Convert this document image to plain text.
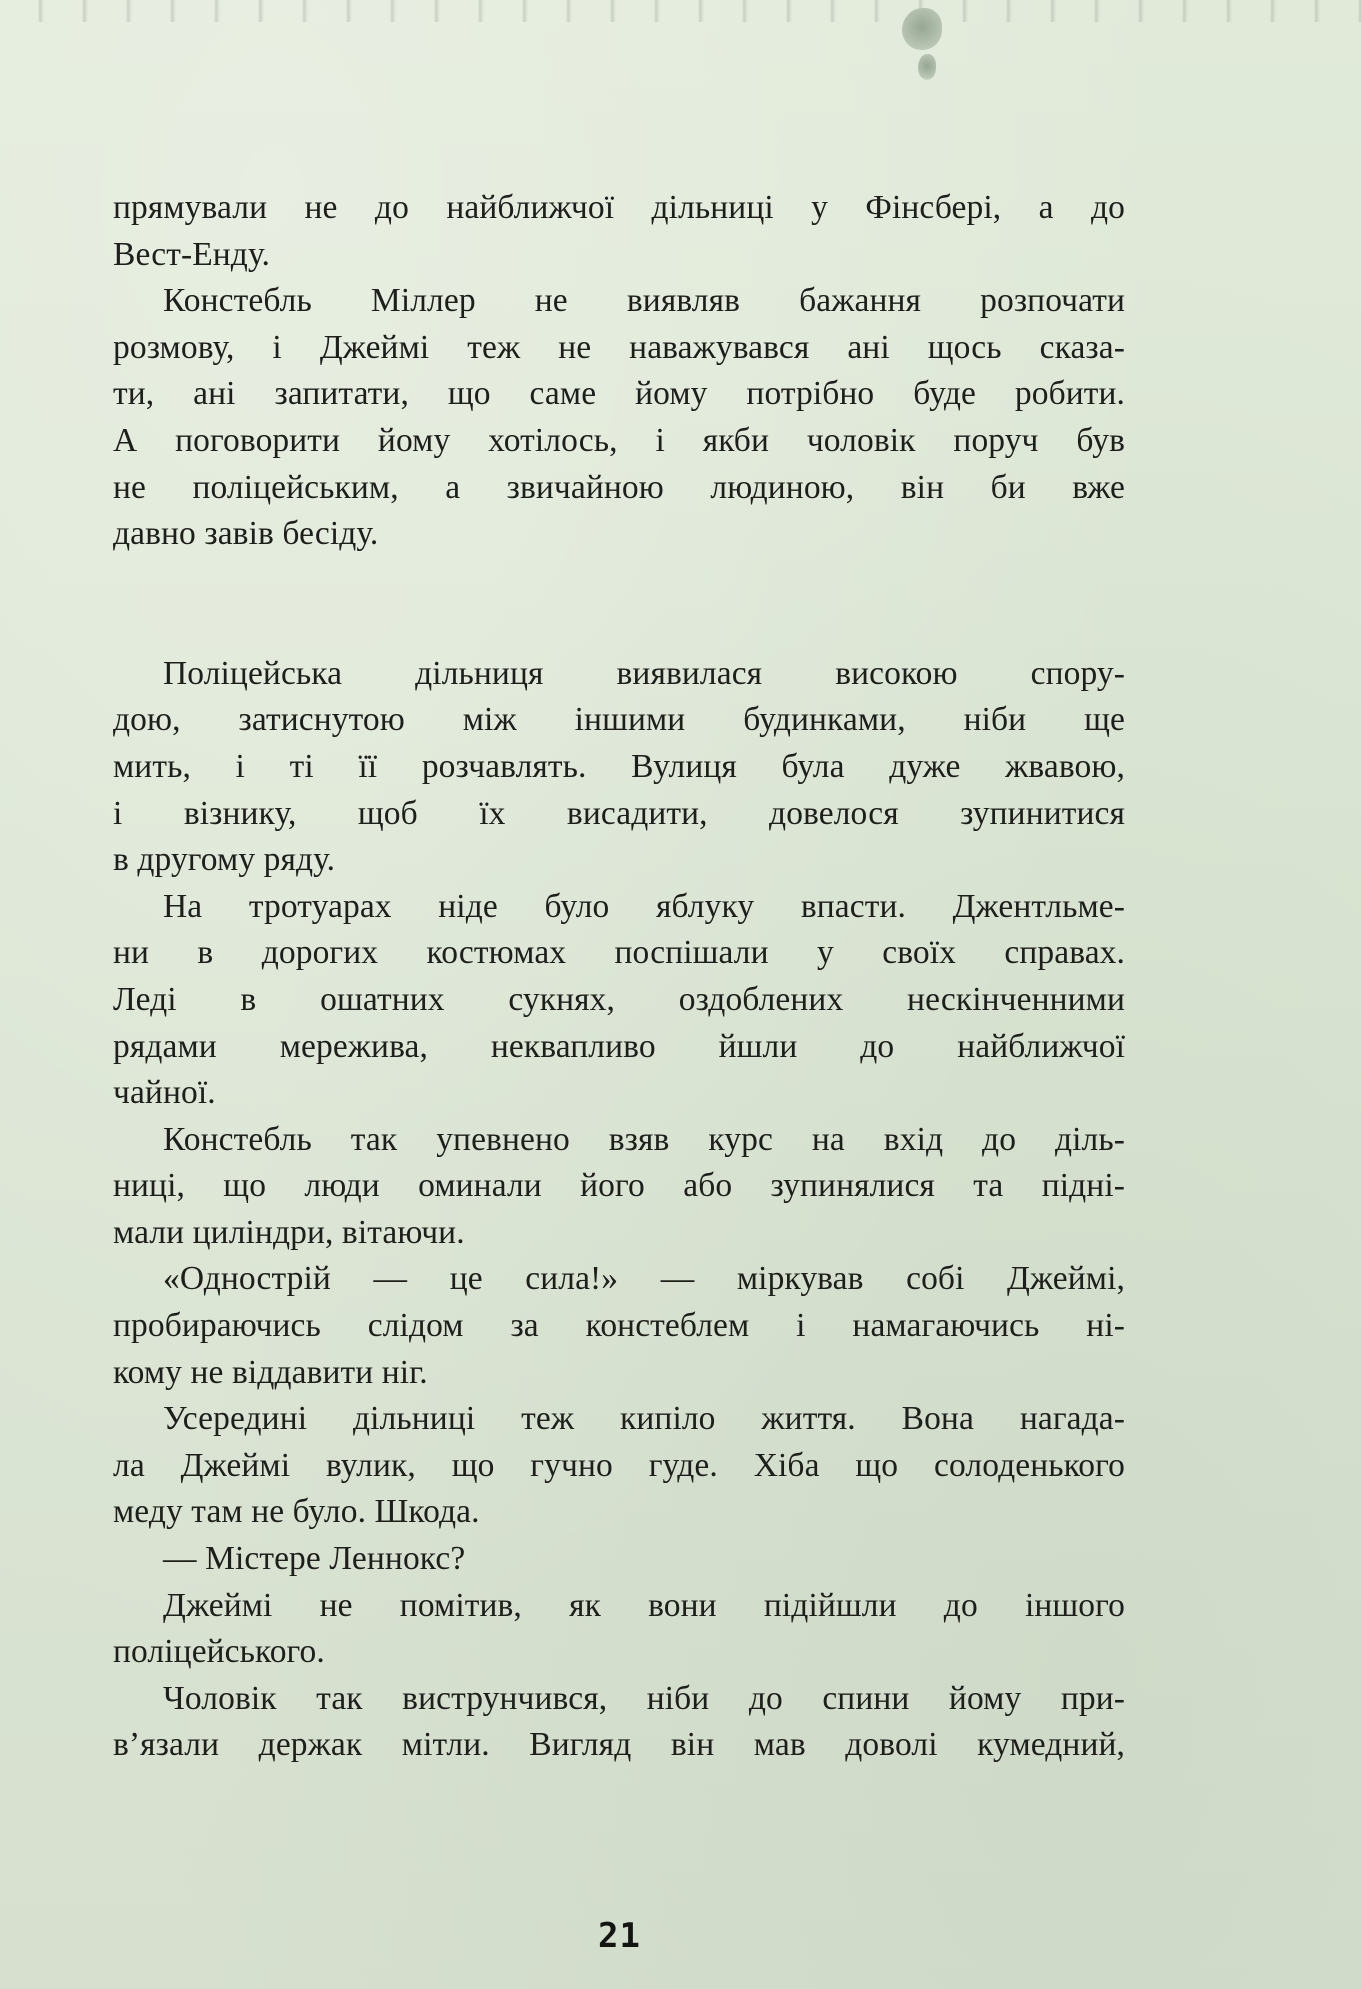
прямували не до найближчої дільниці у Фінсбері, а до
Вест-Енду.
Констебль Міллер не виявляв бажання розпочати
розмову, і Джеймі теж не наважувався ані щось сказа-
ти, ані запитати, що саме йому потрібно буде робити.
А поговорити йому хотілось, і якби чоловік поруч був
не поліцейським, а звичайною людиною, він би вже
давно завів бесіду.
Поліцейська дільниця виявилася високою спору-
дою, затиснутою між іншими будинками, ніби ще
мить, і ті її розчавлять. Вулиця була дуже жвавою,
і візнику, щоб їх висадити, довелося зупинитися
в другому ряду.
На тротуарах ніде було яблуку впасти. Джентльме-
ни в дорогих костюмах поспішали у своїх справах.
Леді в ошатних сукнях, оздоблених нескінченними
рядами мережива, неквапливо йшли до найближчої
чайної.
Констебль так упевнено взяв курс на вхід до діль-
ниці, що люди оминали його або зупинялися та підні-
мали циліндри, вітаючи.
«Однострій — це сила!» — міркував собі Джеймі,
пробираючись слідом за констеблем і намагаючись ні-
кому не віддавити ніг.
Усередині дільниці теж кипіло життя. Вона нагада-
ла Джеймі вулик, що гучно гуде. Хіба що солоденького
меду там не було. Шкода.
— Містере Леннокс?
Джеймі не помітив, як вони підійшли до іншого
поліцейського.
Чоловік так виструнчився, ніби до спини йому при-
в’язали держак мітли. Вигляд він мав доволі кумедний,
21
